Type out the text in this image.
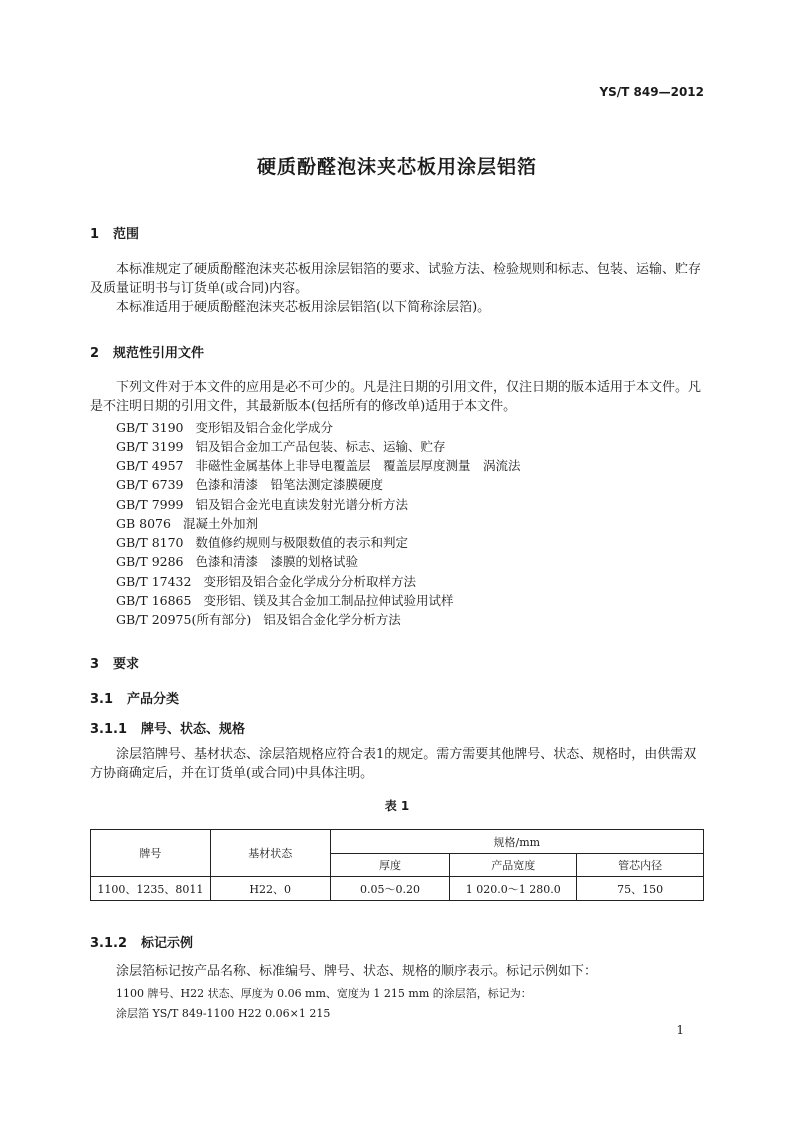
YS/T 849—2012
硬质酚醛泡沫夹芯板用涂层铝箔
1 范围
本标准规定了硬质酚醛泡沫夹芯板用涂层铝箔的要求、试验方法、检验规则和标志、包装、运输、贮存及质量证明书与订货单(或合同)内容。
本标准适用于硬质酚醛泡沫夹芯板用涂层铝箔(以下简称涂层箔)。
2 规范性引用文件
下列文件对于本文件的应用是必不可少的。凡是注日期的引用文件，仅注日期的版本适用于本文件。凡是不注明日期的引用文件，其最新版本(包括所有的修改单)适用于本文件。
GB/T 3190 变形铝及铝合金化学成分
GB/T 3199 铝及铝合金加工产品包装、标志、运输、贮存
GB/T 4957 非磁性金属基体上非导电覆盖层　覆盖层厚度测量　涡流法
GB/T 6739 色漆和清漆　铅笔法测定漆膜硬度
GB/T 7999 铝及铝合金光电直读发射光谱分析方法
GB 8076 混凝土外加剂
GB/T 8170 数值修约规则与极限数值的表示和判定
GB/T 9286 色漆和清漆　漆膜的划格试验
GB/T 17432 变形铝及铝合金化学成分分析取样方法
GB/T 16865 变形铝、镁及其合金加工制品拉伸试验用试样
GB/T 20975(所有部分) 铝及铝合金化学分析方法
3 要求
3.1 产品分类
3.1.1 牌号、状态、规格
涂层箔牌号、基材状态、涂层箔规格应符合表1的规定。需方需要其他牌号、状态、规格时，由供需双方协商确定后，并在订货单(或合同)中具体注明。
表 1
牌号	基材状态	规格/mm		
		厚度	产品宽度	管芯内径
1100、1235、8011	H22、0	0.05～0.20	1 020.0～1 280.0	75、150
3.1.2 标记示例
涂层箔标记按产品名称、标准编号、牌号、状态、规格的顺序表示。标记示例如下：
1100 牌号、H22 状态、厚度为 0.06 mm、宽度为 1 215 mm 的涂层箔，标记为：
涂层箔 YS/T 849-1100 H22 0.06×1 215
1
